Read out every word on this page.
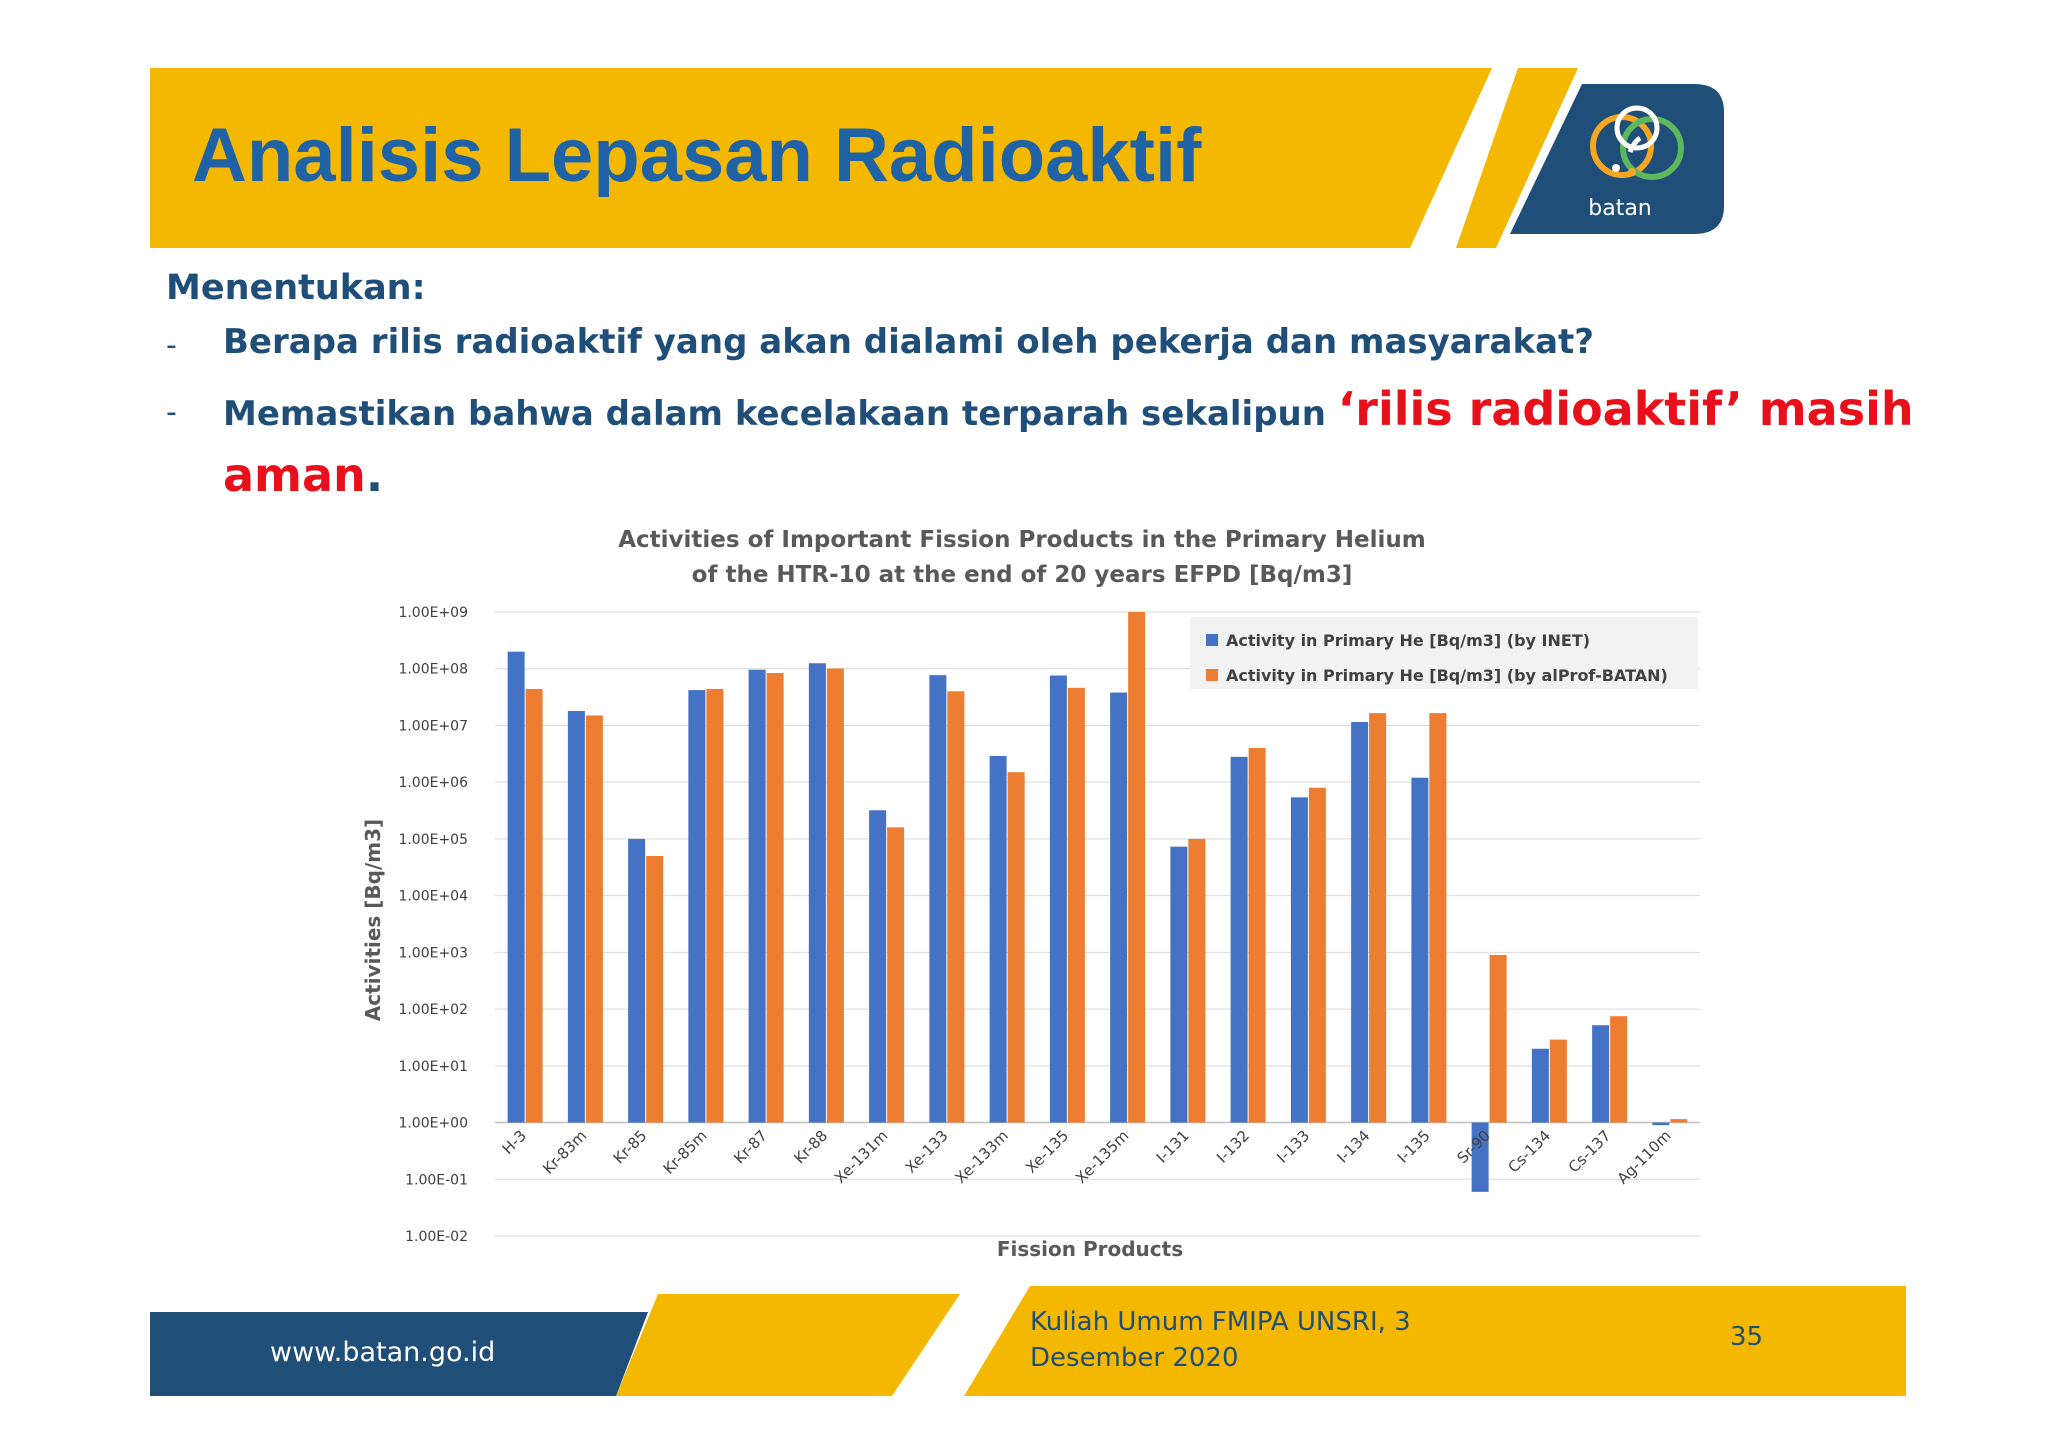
batan
Analisis Lepasan Radioaktif
Menentukan:
- Berapa rilis radioaktif yang akan dialami oleh pekerja dan masyarakat?
- Memastikan bahwa dalam kecelakaan terparah sekalipun ‘rilis radioaktif’ masih
aman.
Activities of Important Fission Products in the Primary Helium
of the HTR-10 at the end of 20 years EFPD [Bq/m3]
1.00E-02
1.00E-01
1.00E+00
1.00E+01
1.00E+02
1.00E+03
1.00E+04
1.00E+05
1.00E+06
1.00E+07
1.00E+08
1.00E+09
H-3 Kr-83m Kr-85 Kr-85m Kr-87 Kr-88 Xe-131m Xe-133 Xe-133m Xe-135 Xe-135m I-131 I-132 I-133 I-134 I-135 Sr-90 Cs-134 Cs-137 Ag-110m
Fission Products
Activities [Bq/m3]
Activity in Primary He [Bq/m3] (by INET)
Activity in Primary He [Bq/m3] (by alProf-BATAN)
www.batan.go.id
Kuliah Umum FMIPA UNSRI, 3 Desember 2020
35
